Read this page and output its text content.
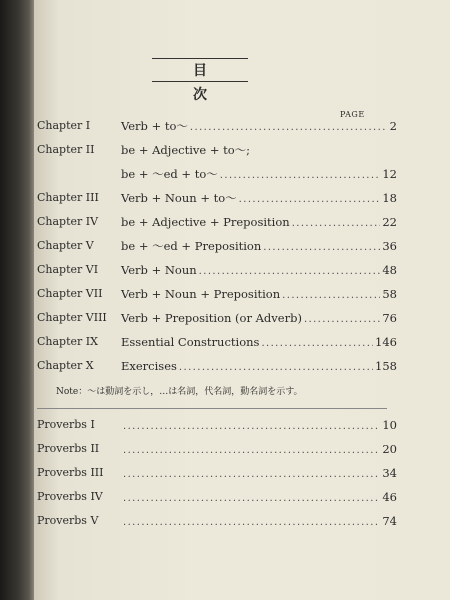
目　次
PAGE
Chapter I	Verb + to～ .....	2
Chapter II	be + Adjective + to～;
be + ～ed + to～ .....	12
Chapter III	Verb + Noun + to～ .....	18
Chapter IV	be + Adjective + Preposition .....	22
Chapter V	be + ～ed + Preposition .....	36
Chapter VI	Verb + Noun .....	48
Chapter VII	Verb + Noun + Preposition .....	58
Chapter VIII	Verb + Preposition (or Adverb) .....	76
Chapter IX	Essential Constructions .....	146
Chapter X	Exercises .....	158
Note：～は動詞を示し，…は名詞，代名詞，動名詞を示す。
Proverbs I .....	10
Proverbs II .....	20
Proverbs III .....	34
Proverbs IV .....	46
Proverbs V .....	74
